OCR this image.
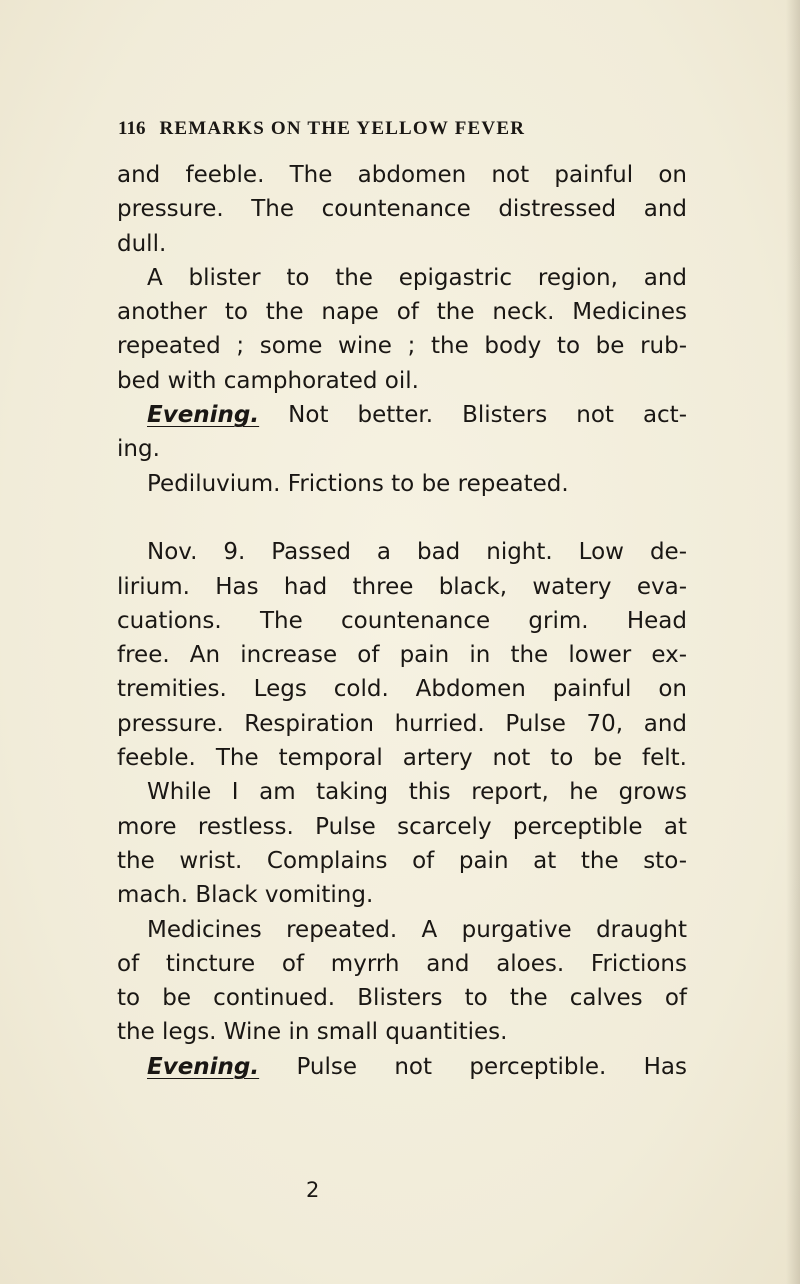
116 REMARKS ON THE YELLOW FEVER
and feeble. The abdomen not painful on
pressure. The countenance distressed and
dull.
A blister to the epigastric region, and
another to the nape of the neck. Medicines
repeated ; some wine ; the body to be rub-
bed with camphorated oil.
Evening. Not better. Blisters not act-
ing.
Pediluvium. Frictions to be repeated.
Nov. 9. Passed a bad night. Low de-
lirium. Has had three black, watery eva-
cuations. The countenance grim. Head
free. An increase of pain in the lower ex-
tremities. Legs cold. Abdomen painful on
pressure. Respiration hurried. Pulse 70, and
feeble. The temporal artery not to be felt.
While I am taking this report, he grows
more restless. Pulse scarcely perceptible at
the wrist. Complains of pain at the sto-
mach. Black vomiting.
Medicines repeated. A purgative draught
of tincture of myrrh and aloes. Frictions
to be continued. Blisters to the calves of
the legs. Wine in small quantities.
Evening. Pulse not perceptible. Has
2
